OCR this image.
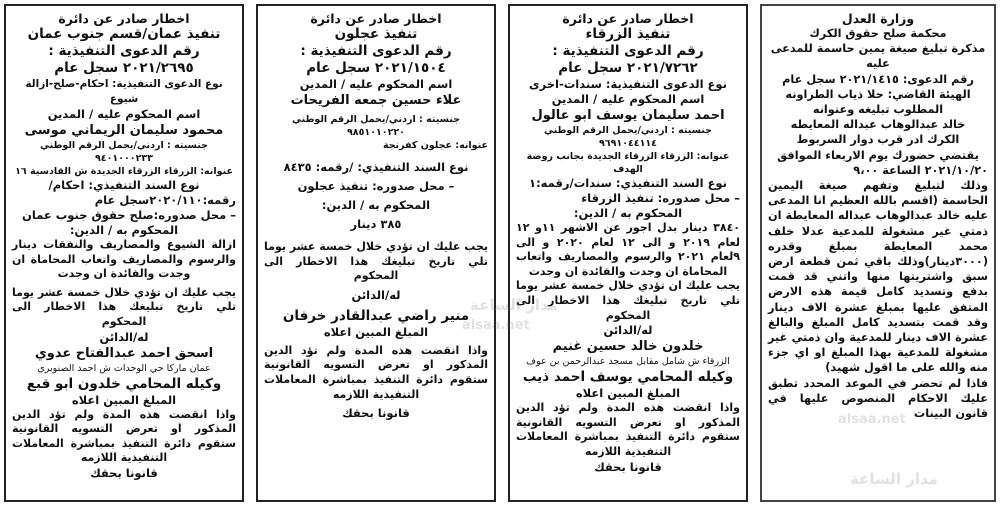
اخطار صادر عن دائرة

تنفيذ عمان/قسم جنوب عمان

رقم الدعوى التنفيذية :

٢٠٢١/٢٦٩٥ سجل عام

نوع الدعوى التنفيذية: احكام-صلح-ازالة شيوع

اسم المحكوم عليه / المدين

محمود سليمان الريماني موسى

جنسيته : اردني/يحمل الرقم الوطني ٩٤٠١٠٠٠٢٣٣

عنوانه: الزرقاء الزرقاء الجديدة ش القادسية ١٦

نوع السند التنفيذي: احكام/

رقمه:٢٠٢٠/١١٠سجل عام

– محل صدوره:صلح حقوق جنوب عمان

المحكوم به / الدين:

ازالة الشيوع والمصاريف والنفقات دينار والرسوم والمصاريف واتعاب المحاماة ان وجدت والفائدة ان وجدت

يجب عليك ان تؤدي خلال خمسة عشر يوما تلي تاريخ تبليغك هذا الاخطار الى المحكوم

له/الدائن

اسحق احمد عبدالفتاح عدوي

عمان ماركا حي الوحدات ش احمد الصنوبري

وكيله المحامي خلدون ابو قبع

المبلغ المبين اعلاه

واذا انقضت هذه المدة ولم تؤد الدين المذكور او تعرض التسويه القانونية ستقوم دائرة التنفيذ بمباشرة المعاملات التنفيذية اللازمه

قانونا بحقك

اخطار صادر عن دائرة

تنفيذ عجلون

رقم الدعوى التنفيذية :

٢٠٢١/١٥٠٤ سجل عام

اسم المحكوم عليه / المدين

علاء حسين جمعه الفريحات

جنسيته : اردني/يحمل الرقم الوطني ٩٨٥١٠١٠٢٢٠

عنوانه: عجلون كفرنجة

نوع السند التنفيذي: /رقمه: ٨٤٣٥

– محل صدوره: تنفيذ عجلون

المحكوم به / الدين:

٣٨٥ دينار

يجب عليك ان تؤدي خلال خمسة عشر يوما تلي تاريخ تبليغك هذا الاخطار الى المحكوم

له/الدائن

منير راضي عبدالقادر خرفان

المبلغ المبين اعلاه

واذا انقضت هذه المدة ولم تؤد الدين المذكور او تعرض التسويه القانونية ستقوم دائرة التنفيذ بمباشرة المعاملات التنفيذية اللازمه

قانونا بحقك

اخطار صادر عن دائرة

تنفيذ الزرقاء

رقم الدعوى التنفيذية :

٢٠٢١/٧٢٦٢ سجل عام

نوع الدعوى التنفيذية: سندات-اخرى

اسم المحكوم عليه / المدين

احمد سليمان يوسف ابو عالول

جنسيته : اردني/يحمل الرقم الوطني ٩٦٩١٠٤٤١١٤

عنوانه: الزرقاء الزرقاء الجديدة بجانب روضة الهدف

نوع السند التنفيذي: سندات/رقمه:١

– محل صدوره: تنفيذ الزرقاء

المحكوم به / الدين:

٣٨٤٠ دينار بدل اجور عن الاشهر ١١و ١٢ لعام ٢٠١٩ و الى ١٢ لعام ٢٠٢٠ و الى ٩لعام ٢٠٢١ والرسوم والمصاريف واتعاب المحاماة ان وجدت والفائدة ان وجدت

يجب عليك ان تؤدي خلال خمسة عشر يوما تلي تاريخ تبليغك هذا الاخطار الى المحكوم

له/الدائن

خلدون خالد حسين غنيم

الزرقاء ش شامل مقابل مسجد عبدالرحمن بن عوف

وكيله المحامي يوسف احمد ذيب

المبلغ المبين اعلاه

واذا انقضت هذه المدة ولم تؤد الدين المذكور او تعرض التسويه القانونية ستقوم دائرة التنفيذ بمباشرة المعاملات التنفيذية اللازمه

قانونا بحقك

وزارة العدل

محكمة صلح حقوق الكرك

مذكرة تبليغ صيغة يمين حاسمة للمدعى عليه

رقم الدعوى: ٢٠٢١/١٤١٥ سجل عام

الهيئة القاضي: حلا ذياب الطراونه

المطلوب تبليغه وعنوانه

خالد عبدالوهاب عبداله المعايطه

الكرك ادر قرب دوار السربوط

يقتضي حضورك يوم الاربعاء الموافق

٢٠٢١/١٠/٢٠ الساعة ٩،٠٠

وذلك لتبليغ وتفهم صيغة اليمين الحاسمة (اقسم بالله العظيم انا المدعى عليه خالد عبدالوهاب عبداله المعايطة ان ذمتي غير مشغولة للمدعية عدلا خلف محمد المعايطة بمبلغ وقدره (٣٠٠٠دينار)وذلك باقي ثمن قطعة ارض سبق واشتريتها منها واتني قد قمت بدفع وتسديد كامل قيمة هذه الارض المتفق عليها بمبلغ عشرة الاف دينار وقد قمت بتسديد كامل المبلغ والبالغ عشرة الاف دينار للمدعية وان ذمتي غير مشغولة للمدعية بهذا المبلغ او اي جزء منه والله على ما اقول شهيد)

فاذا لم تحضر في الموعد المحدد تطبق عليك الاحكام المنصوص عليها في قانون البينات

مدار الساعة
alsaa.net
مدار الساعة
alsaa.net
